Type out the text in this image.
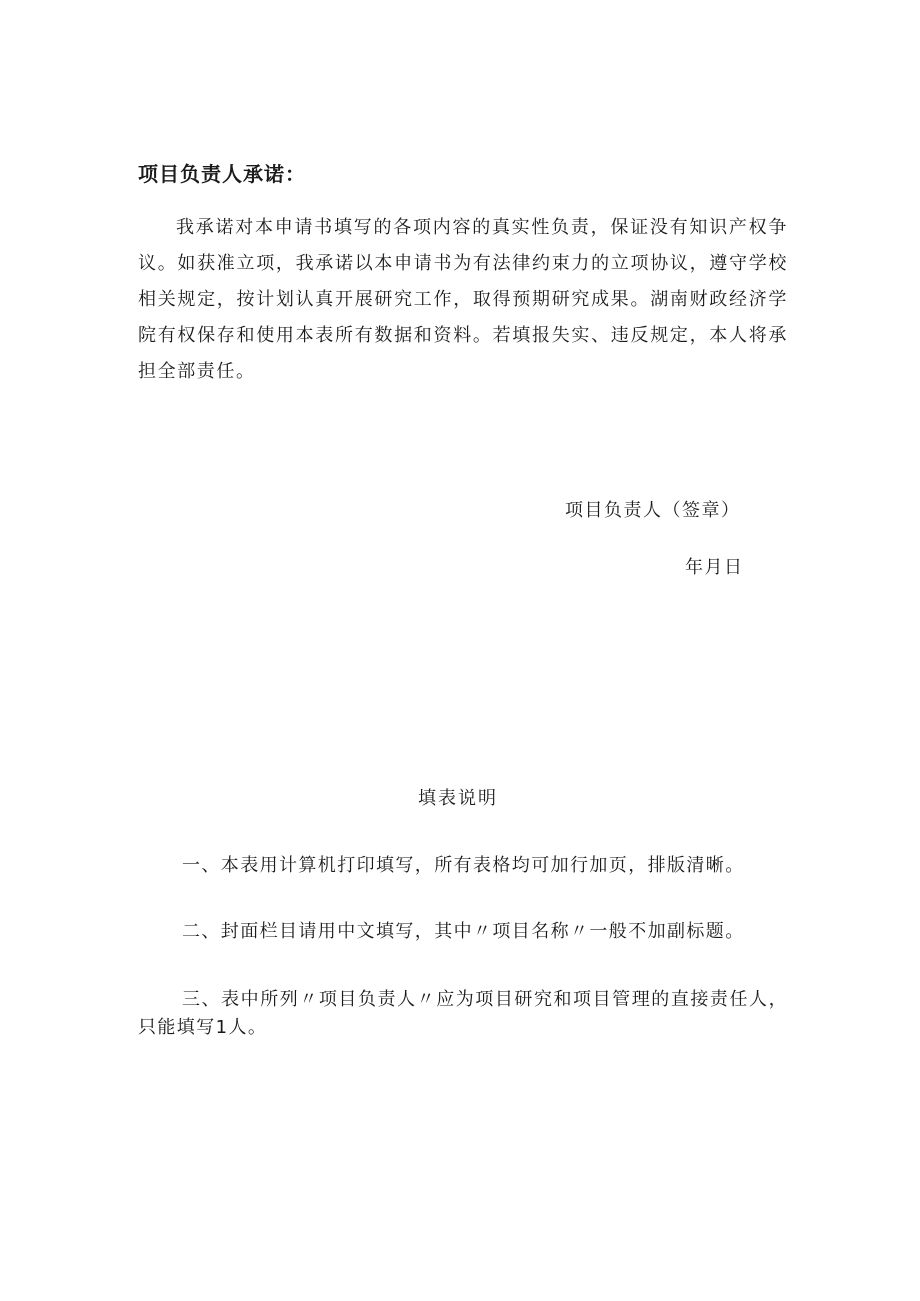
项目负责人承诺：
我承诺对本申请书填写的各项内容的真实性负责，保证没有知识产权争议。如获准立项，我承诺以本申请书为有法律约束力的立项协议，遵守学校相关规定，按计划认真开展研究工作，取得预期研究成果。湖南财政经济学院有权保存和使用本表所有数据和资料。若填报失实、违反规定，本人将承担全部责任。
项目负责人（签章）
年月日
填表说明
一、本表用计算机打印填写，所有表格均可加行加页，排版清晰。
二、封面栏目请用中文填写，其中〃项目名称〃一般不加副标题。
三、表中所列〃项目负责人〃应为项目研究和项目管理的直接责任人，只能填写1人。
